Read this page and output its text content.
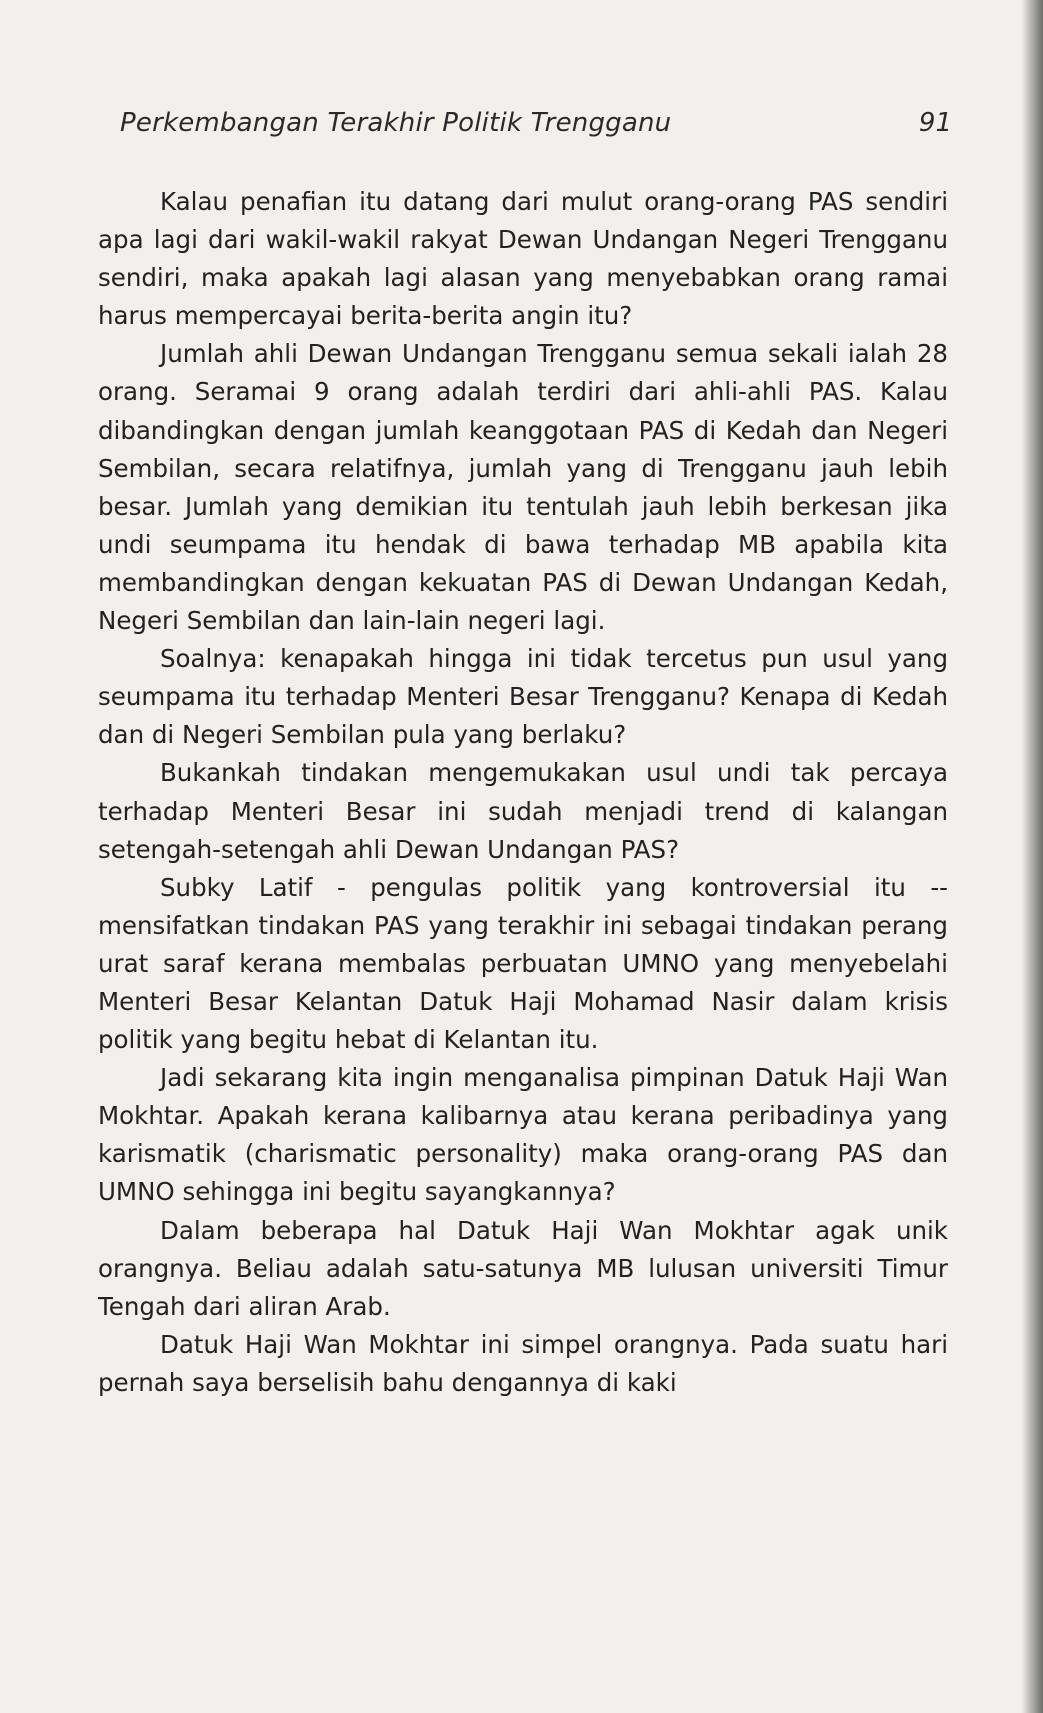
Perkembangan Terakhir Politik Trengganu	91

Kalau penafian itu datang dari mulut orang-orang PAS sendiri apa lagi dari wakil-wakil rakyat Dewan Undangan Negeri Trengganu sendiri, maka apakah lagi alasan yang menyebabkan orang ramai harus mempercayai berita-berita angin itu?

Jumlah ahli Dewan Undangan Trengganu semua sekali ialah 28 orang. Seramai 9 orang adalah terdiri dari ahli-ahli PAS. Kalau dibandingkan dengan jumlah keanggotaan PAS di Kedah dan Negeri Sembilan, secara relatifnya, jumlah yang di Trengganu jauh lebih besar. Jumlah yang demikian itu tentulah jauh lebih berkesan jika undi seumpama itu hendak di bawa terhadap MB apabila kita membandingkan dengan kekuatan PAS di Dewan Undangan Kedah, Negeri Sembilan dan lain-lain negeri lagi.

Soalnya: kenapakah hingga ini tidak tercetus pun usul yang seumpama itu terhadap Menteri Besar Trengganu? Kenapa di Kedah dan di Negeri Sembilan pula yang berlaku?

Bukankah tindakan mengemukakan usul undi tak percaya terhadap Menteri Besar ini sudah menjadi trend di kalangan setengah-setengah ahli Dewan Undangan PAS?

Subky Latif - pengulas politik yang kontroversial itu -- mensifatkan tindakan PAS yang terakhir ini sebagai tindakan perang urat saraf kerana membalas perbuatan UMNO yang menyebelahi Menteri Besar Kelantan Datuk Haji Mohamad Nasir dalam krisis politik yang begitu hebat di Kelantan itu.

Jadi sekarang kita ingin menganalisa pimpinan Datuk Haji Wan Mokhtar. Apakah kerana kalibarnya atau kerana peribadinya yang karismatik (charismatic personality) maka orang-orang PAS dan UMNO sehingga ini begitu sayangkannya?

Dalam beberapa hal Datuk Haji Wan Mokhtar agak unik orangnya. Beliau adalah satu-satunya MB lulusan universiti Timur Tengah dari aliran Arab.

Datuk Haji Wan Mokhtar ini simpel orangnya. Pada suatu hari pernah saya berselisih bahu dengannya di kaki
